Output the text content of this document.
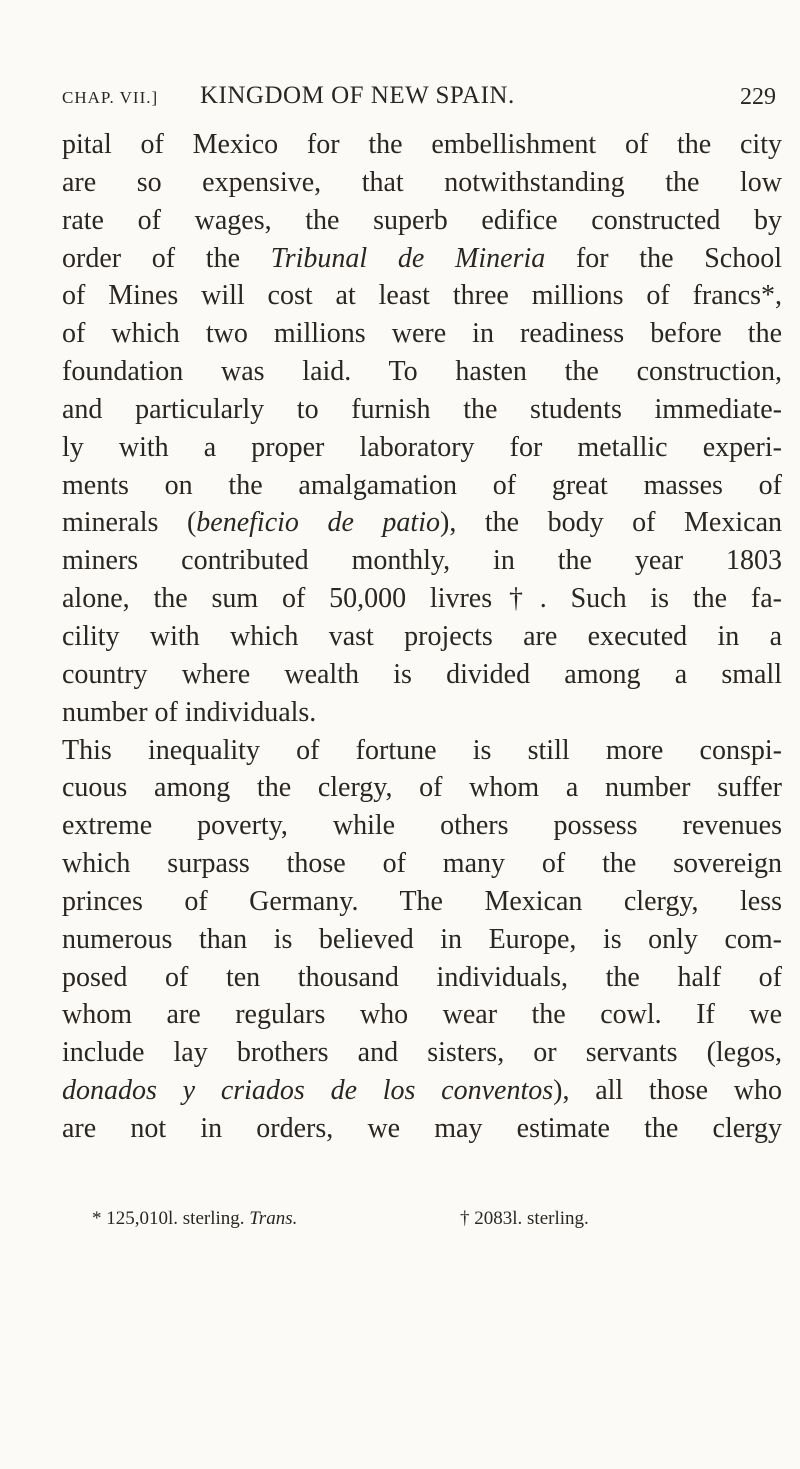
CHAP. VII.] KINGDOM OF NEW SPAIN.	229
pital of Mexico for the embellishment of the city
are so expensive, that notwithstanding the low
rate of wages, the superb edifice constructed by
order of the Tribunal de Mineria for the School
of Mines will cost at least three millions of francs*,
of which two millions were in readiness before the
foundation was laid. To hasten the construction,
and particularly to furnish the students immediate-
ly with a proper laboratory for metallic experi-
ments on the amalgamation of great masses of
minerals (beneficio de patio), the body of Mexican
miners contributed monthly, in the year 1803
alone, the sum of 50,000 livres†. Such is the fa-
cility with which vast projects are executed in a
country where wealth is divided among a small
number of individuals.
This inequality of fortune is still more conspi-
cuous among the clergy, of whom a number suffer
extreme poverty, while others possess revenues
which surpass those of many of the sovereign
princes of Germany. The Mexican clergy, less
numerous than is believed in Europe, is only com-
posed of ten thousand individuals, the half of
whom are regulars who wear the cowl. If we
include lay brothers and sisters, or servants (legos,
donados y criados de los conventos), all those who
are not in orders, we may estimate the clergy
* 125,010l. sterling. Trans.	† 2083l. sterling.
